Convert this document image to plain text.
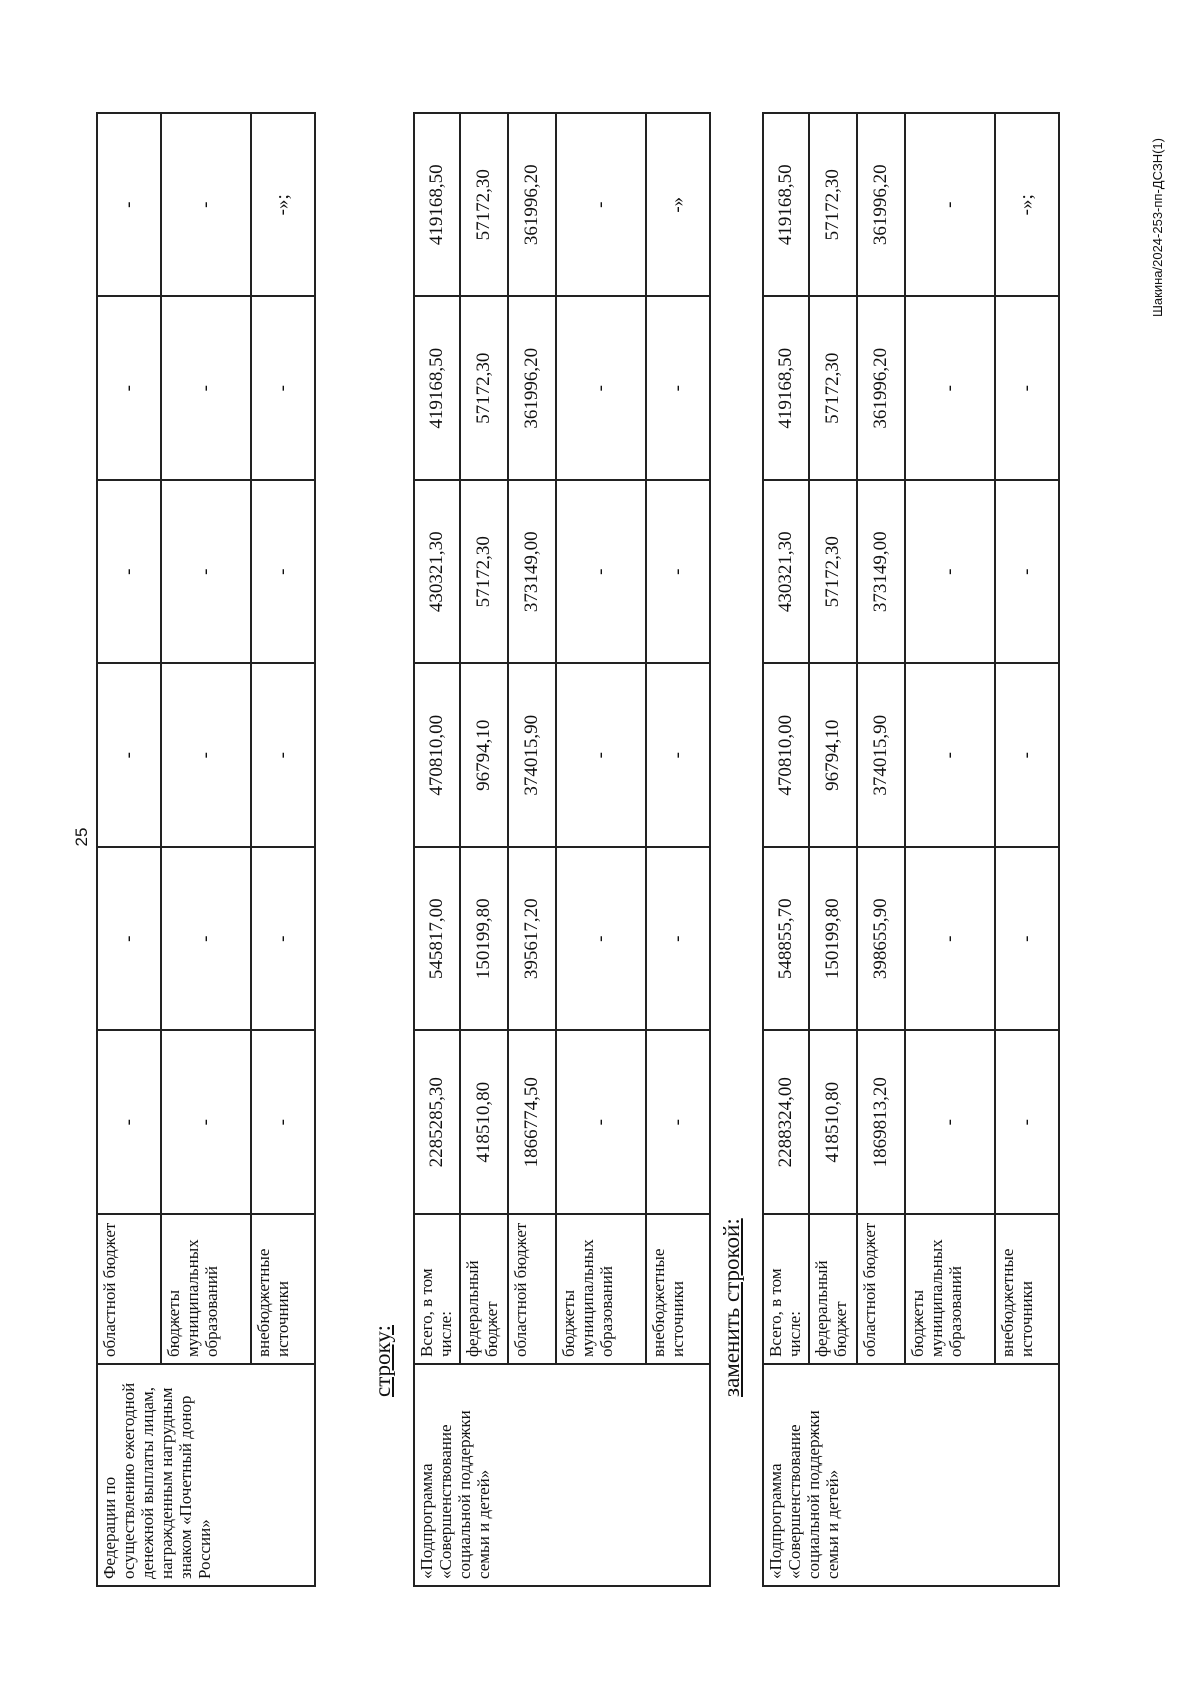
25
Федерации по осуществлению ежегодной денежной выплаты лицам, награжденным нагрудным знаком «Почетный донор России»	областной бюджет	-	-	-	-	-	-
	бюджеты муниципальных образований	-	-	-	-	-	-
	внебюджетные источники	-	-	-	-	-	-»;
строку:
«Подпрограмма «Совершенствование социальной поддержки семьи и детей»	Всего, в том числе:	2285285,30	545817,00	470810,00	430321,30	419168,50	419168,50
	федеральный бюджет	418510,80	150199,80	96794,10	57172,30	57172,30	57172,30
	областной бюджет	1866774,50	395617,20	374015,90	373149,00	361996,20	361996,20
	бюджеты муниципальных образований	-	-	-	-	-	-
	внебюджетные источники	-	-	-	-	-	-»
заменить строкой:
«Подпрограмма «Совершенствование социальной поддержки семьи и детей»	Всего, в том числе:	2288324,00	548855,70	470810,00	430321,30	419168,50	419168,50
	федеральный бюджет	418510,80	150199,80	96794,10	57172,30	57172,30	57172,30
	областной бюджет	1869813,20	398655,90	374015,90	373149,00	361996,20	361996,20
	бюджеты муниципальных образований	-	-	-	-	-	-
	внебюджетные источники	-	-	-	-	-	-»;	Шакина/2024-253-пп-ДСЗН(1)
